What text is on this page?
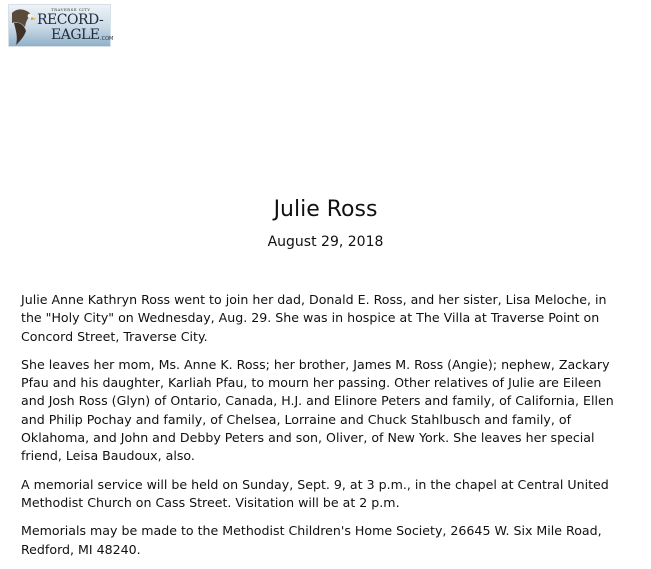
TRAVERSE CITY
RECORD-
EAGLE .COM
Julie Ross
August 29, 2018

Julie Anne Kathryn Ross went to join her dad, Donald E. Ross, and her sister, Lisa Meloche, in the "Holy City" on Wednesday, Aug. 29. She was in hospice at The Villa at Traverse Point on Concord Street, Traverse City.

She leaves her mom, Ms. Anne K. Ross; her brother, James M. Ross (Angie); nephew, Zackary Pfau and his daughter, Karliah Pfau, to mourn her passing. Other relatives of Julie are Eileen and Josh Ross (Glyn) of Ontario, Canada, H.J. and Elinore Peters and family, of California, Ellen and Philip Pochay and family, of Chelsea, Lorraine and Chuck Stahlbusch and family, of Oklahoma, and John and Debby Peters and son, Oliver, of New York. She leaves her special friend, Leisa Baudoux, also.

A memorial service will be held on Sunday, Sept. 9, at 3 p.m., in the chapel at Central United Methodist Church on Cass Street. Visitation will be at 2 p.m.

Memorials may be made to the Methodist Children's Home Society, 26645 W. Six Mile Road, Redford, MI 48240.
